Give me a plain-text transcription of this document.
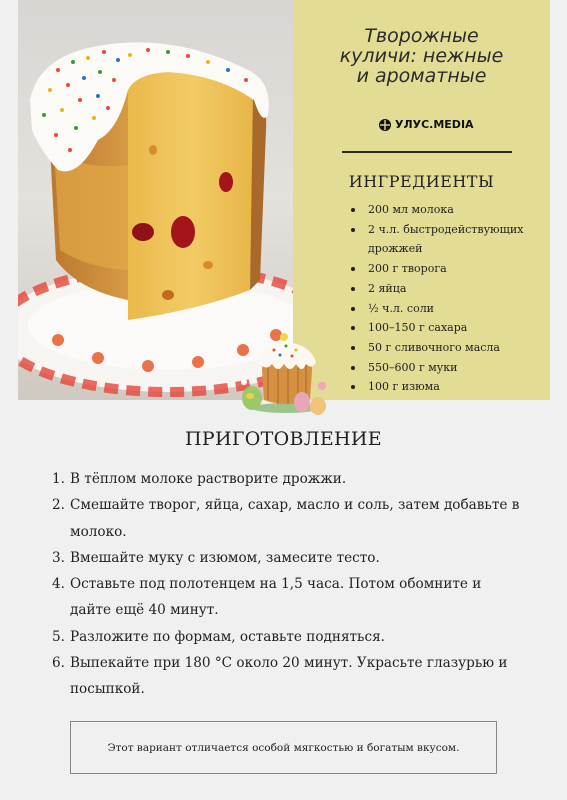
Творожные
куличи: нежные
и ароматные
УЛУС.MEDIA
ИНГРЕДИЕНТЫ
200 мл молока
2 ч.л. быстродействующих дрожжей
200 г творога
2 яйца
½ ч.л. соли
100–150 г сахара
50 г сливочного масла
550–600 г муки
100 г изюма
ПРИГОТОВЛЕНИЕ
1. В тёплом молоке растворите дрожжи.
2. Смешайте творог, яйца, сахар, масло и соль, затем добавьте в молоко.
3. Вмешайте муку с изюмом, замесите тесто.
4. Оставьте под полотенцем на 1,5 часа. Потом обомните и дайте ещё 40 минут.
5. Разложите по формам, оставьте подняться.
6. Выпекайте при 180 °С около 20 минут. Украсьте глазурью и посыпкой.
Этот вариант отличается особой мягкостью и богатым вкусом.
